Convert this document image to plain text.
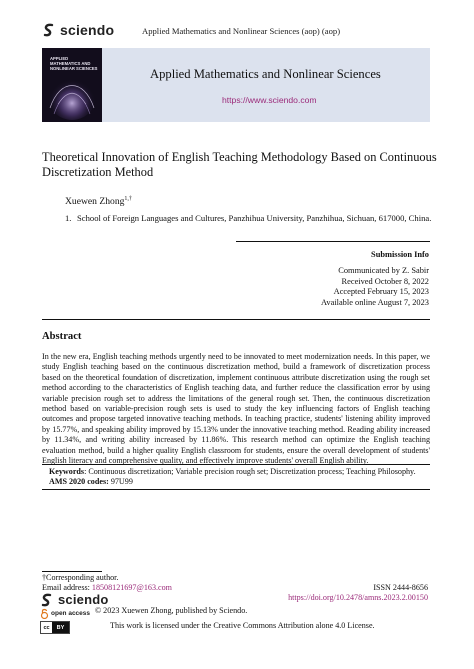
sciendo	Applied Mathematics and Nonlinear Sciences (aop) (aop)
APPLIED MATHEMATICS AND NONLINEAR SCIENCES	Applied Mathematics and Nonlinear Sciences
https://www.sciendo.com
Theoretical Innovation of English Teaching Methodology Based on Continuous Discretization Method
Xuewen Zhong$^{1,\dagger}$
1. School of Foreign Languages and Cultures, Panzhihua University, Panzhihua, Sichuan, 617000, China.
Submission Info
Communicated by Z. Sabir
Received October 8, 2022
Accepted February 15, 2023
Available online August 7, 2023
Abstract
In the new era, English teaching methods urgently need to be innovated to meet modernization needs. In this paper, we study English teaching based on the continuous discretization method, build a framework of discretization process based on the theoretical foundation of discretization, implement continuous attribute discretization using the rough set method according to the characteristics of English teaching data, and further reduce the classification error by using variable precision rough set to address the limitations of the general rough set. Then, the continuous discretization method based on variable-precision rough sets is used to study the key influencing factors of English teaching outcomes and propose targeted innovative teaching methods. In teaching practice, students' listening ability improved by 15.77%, and speaking ability improved by 15.13% under the innovative teaching method. Reading ability increased by 11.34%, and writing ability increased by 11.86%. This research method can optimize the English teaching evaluation method, build a higher quality English classroom for students, ensure the overall development of students' English literacy and comprehensive quality, and effectively improve students' overall English ability.
Keywords: Continuous discretization; Variable precision rough set; Discretization process; Teaching Philosophy.
AMS 2020 codes: 97U99
†Corresponding author.
Email address: 18508121697@163.com	ISSN 2444-8656
https://doi.org/10.2478/amns.2023.2.00150
sciendo
open access © 2023 Xuewen Zhong, published by Sciendo.
cc	BY	This work is licensed under the Creative Commons Attribution alone 4.0 License.
